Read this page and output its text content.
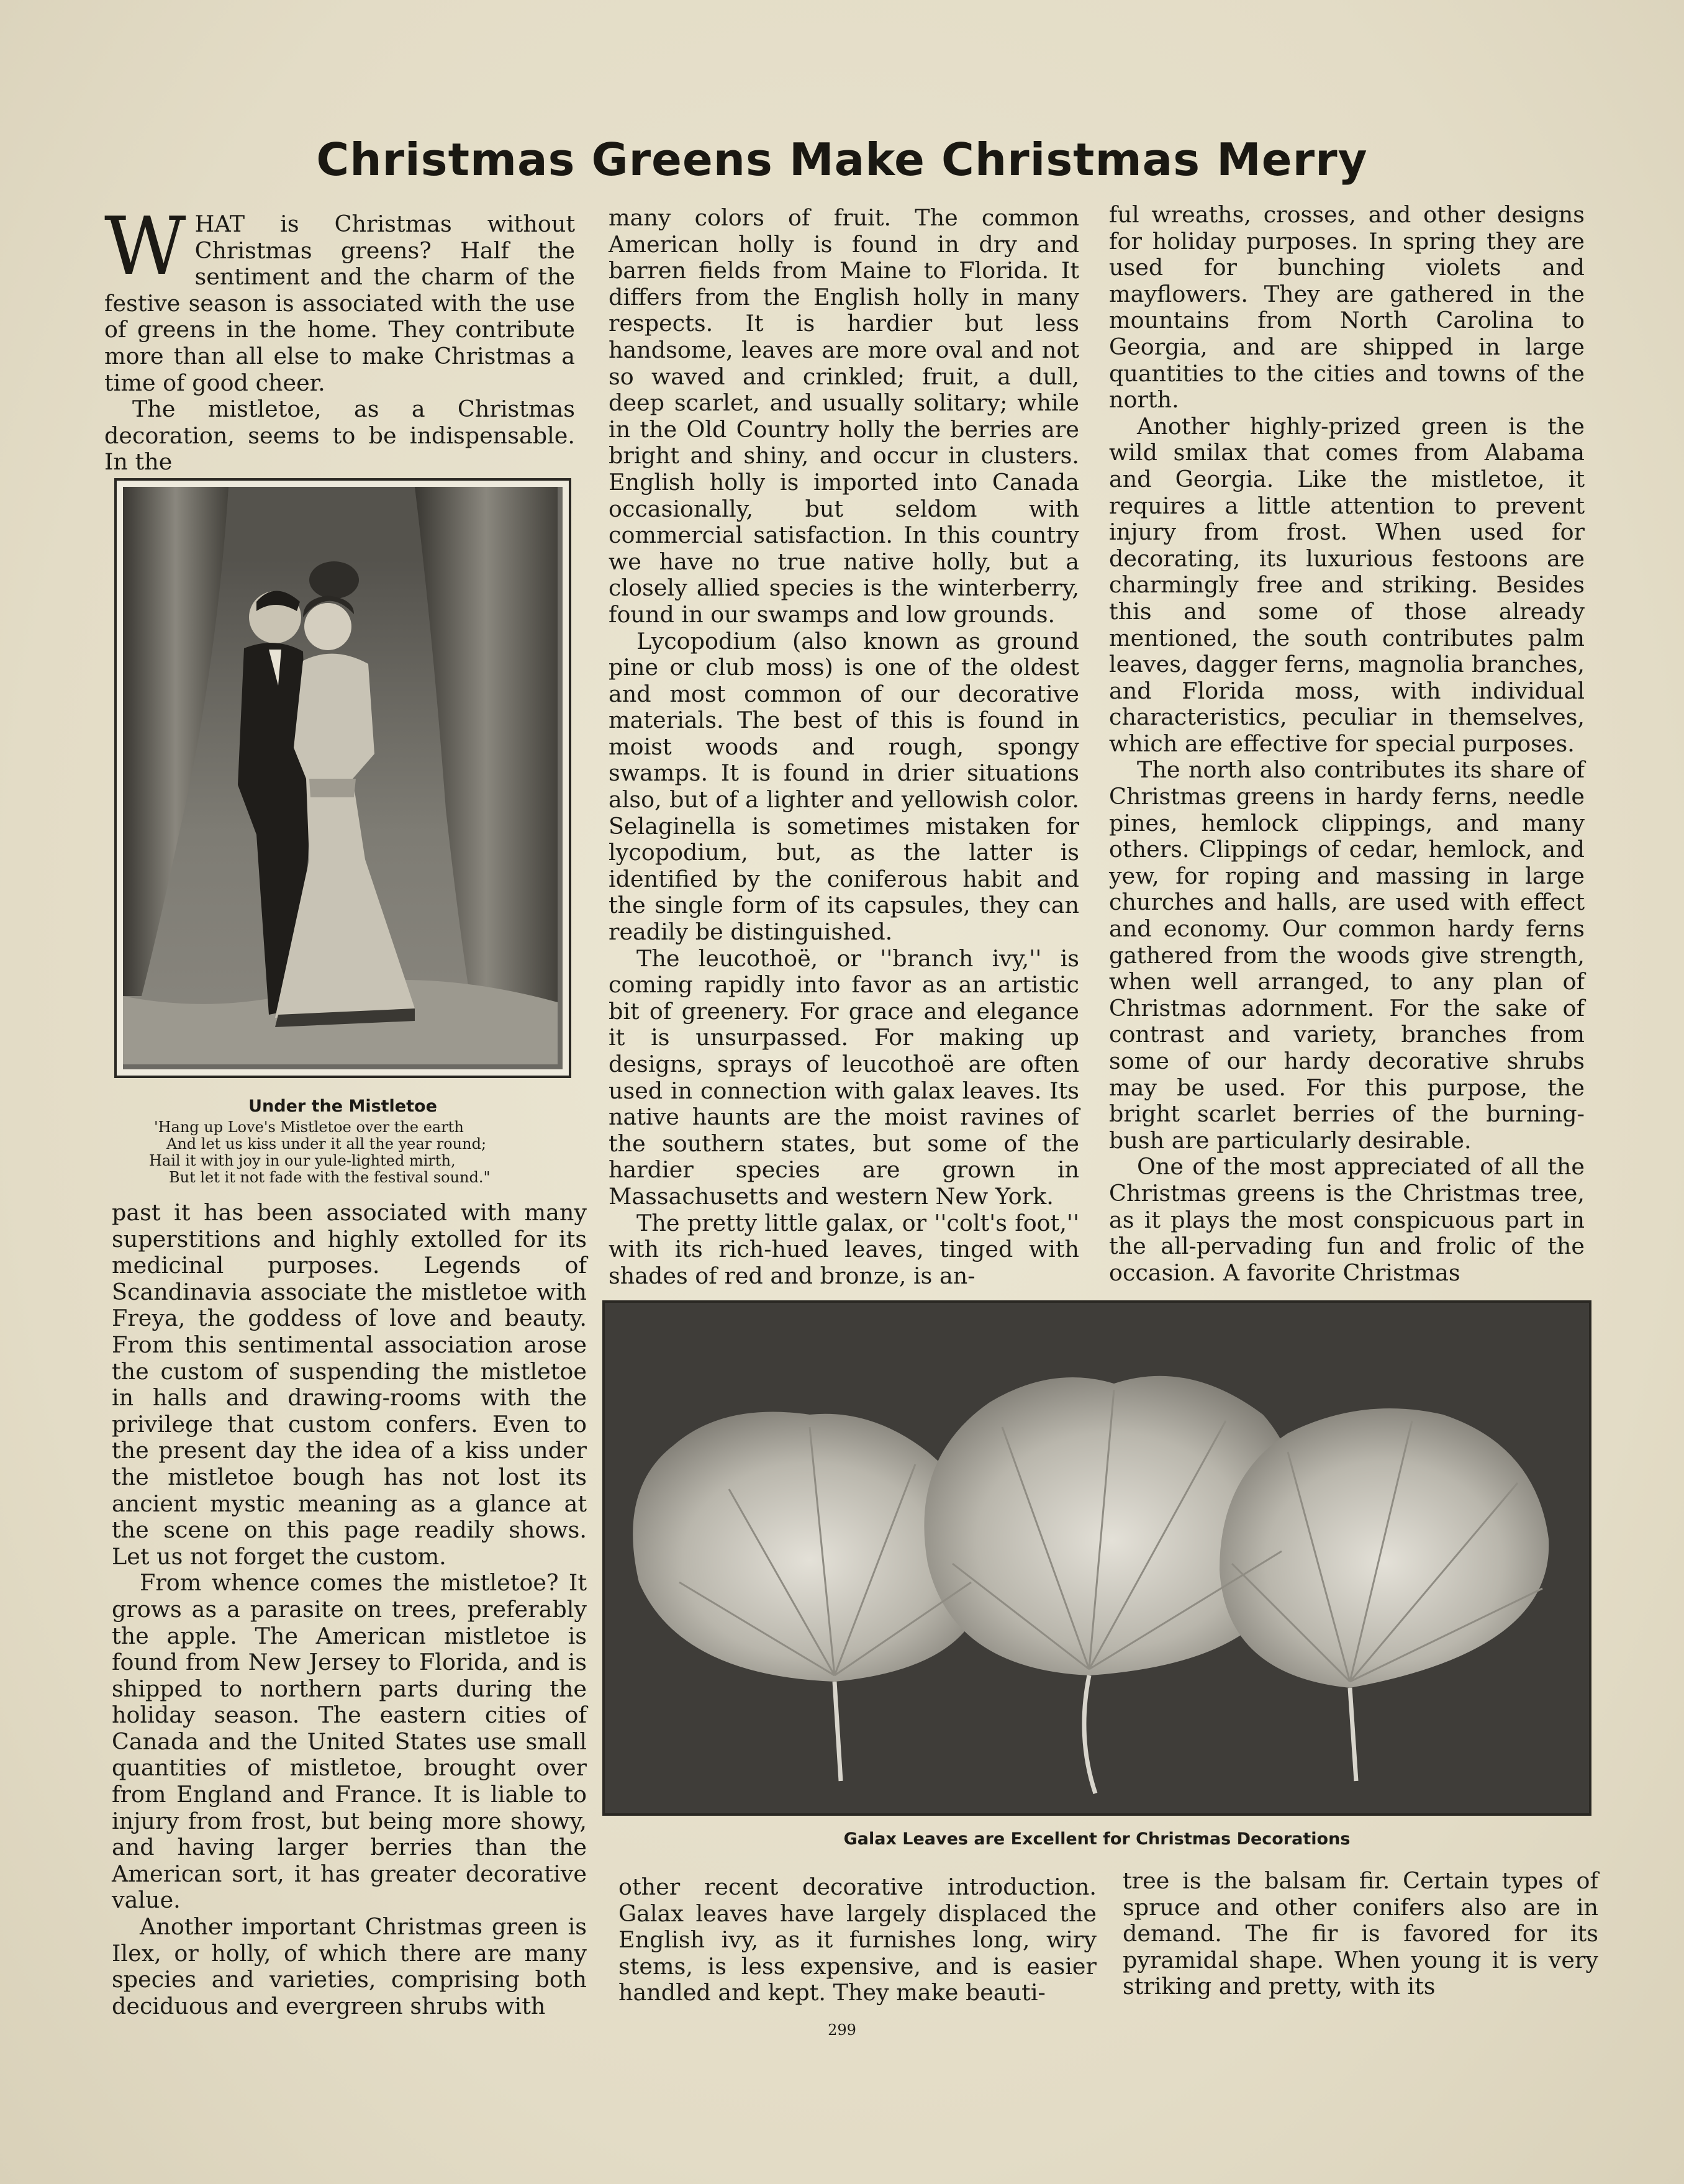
Christmas Greens Make Christmas Merry

WHAT is Christmas without Christmas greens? Half the sentiment and the charm of the festive season is associated with the use of greens in the home. They contribute more than all else to make Christmas a time of good cheer.

The mistletoe, as a Christmas decoration, seems to be indispensable. In the

Under the Mistletoe
'Hang up Love's Mistletoe over the earth
And let us kiss under it all the year round;
Hail it with joy in our yule-lighted mirth,
But let it not fade with the festival sound."

past it has been associated with many superstitions and highly extolled for its medicinal purposes. Legends of Scandinavia associate the mistletoe with Freya, the goddess of love and beauty. From this sentimental association arose the custom of suspending the mistletoe in halls and drawing-rooms with the privilege that custom confers. Even to the present day the idea of a kiss under the mistletoe bough has not lost its ancient mystic meaning as a glance at the scene on this page readily shows. Let us not forget the custom.

From whence comes the mistletoe? It grows as a parasite on trees, preferably the apple. The American mistletoe is found from New Jersey to Florida, and is shipped to northern parts during the holiday season. The eastern cities of Canada and the United States use small quantities of mistletoe, brought over from England and France. It is liable to injury from frost, but being more showy, and having larger berries than the American sort, it has greater decorative value.

Another important Christmas green is Ilex, or holly, of which there are many species and varieties, comprising both deciduous and evergreen shrubs with

many colors of fruit. The common American holly is found in dry and barren fields from Maine to Florida. It differs from the English holly in many respects. It is hardier but less handsome, leaves are more oval and not so waved and crinkled; fruit, a dull, deep scarlet, and usually solitary; while in the Old Country holly the berries are bright and shiny, and occur in clusters. English holly is imported into Canada occasionally, but seldom with commercial satisfaction. In this country we have no true native holly, but a closely allied species is the winterberry, found in our swamps and low grounds.

Lycopodium (also known as ground pine or club moss) is one of the oldest and most common of our decorative materials. The best of this is found in moist woods and rough, spongy swamps. It is found in drier situations also, but of a lighter and yellowish color. Selaginella is sometimes mistaken for lycopodium, but, as the latter is identified by the coniferous habit and the single form of its capsules, they can readily be distinguished.

The leucothoë, or ''branch ivy,'' is coming rapidly into favor as an artistic bit of greenery. For grace and elegance it is unsurpassed. For making up designs, sprays of leucothoë are often used in connection with galax leaves. Its native haunts are the moist ravines of the southern states, but some of the hardier species are grown in Massachusetts and western New York.

The pretty little galax, or ''colt's foot,'' with its rich-hued leaves, tinged with shades of red and bronze, is an-

ful wreaths, crosses, and other designs for holiday purposes. In spring they are used for bunching violets and mayflowers. They are gathered in the mountains from North Carolina to Georgia, and are shipped in large quantities to the cities and towns of the north.

Another highly-prized green is the wild smilax that comes from Alabama and Georgia. Like the mistletoe, it requires a little attention to prevent injury from frost. When used for decorating, its luxurious festoons are charmingly free and striking. Besides this and some of those already mentioned, the south contributes palm leaves, dagger ferns, magnolia branches, and Florida moss, with individual characteristics, peculiar in themselves, which are effective for special purposes.

The north also contributes its share of Christmas greens in hardy ferns, needle pines, hemlock clippings, and many others. Clippings of cedar, hemlock, and yew, for roping and massing in large churches and halls, are used with effect and economy. Our common hardy ferns gathered from the woods give strength, when well arranged, to any plan of Christmas adornment. For the sake of contrast and variety, branches from some of our hardy decorative shrubs may be used. For this purpose, the bright scarlet berries of the burning-bush are particularly desirable.

One of the most appreciated of all the Christmas greens is the Christmas tree, as it plays the most conspicuous part in the all-pervading fun and frolic of the occasion. A favorite Christmas

Galax Leaves are Excellent for Christmas Decorations

other recent decorative introduction. Galax leaves have largely displaced the English ivy, as it furnishes long, wiry stems, is less expensive, and is easier handled and kept. They make beauti-

tree is the balsam fir. Certain types of spruce and other conifers also are in demand. The fir is favored for its pyramidal shape. When young it is very striking and pretty, with its

299
